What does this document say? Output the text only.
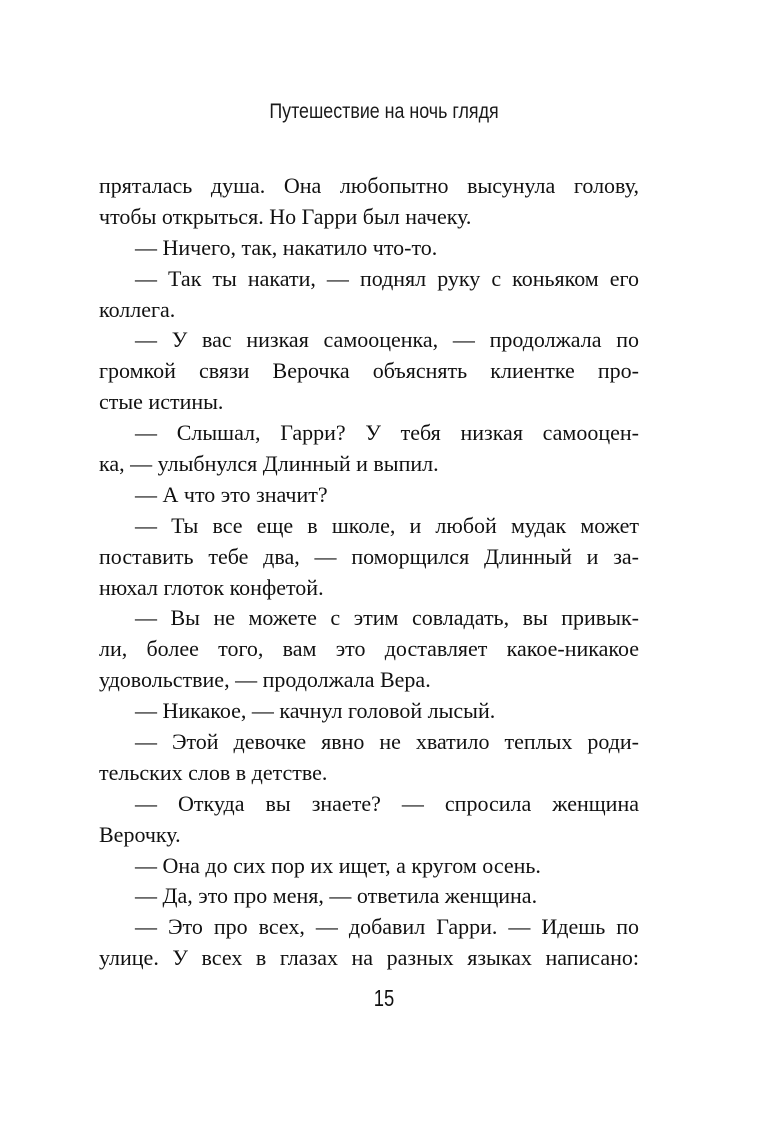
Путешествие на ночь глядя
пряталась душа. Она любопытно высунула голову,
чтобы открыться. Но Гарри был начеку.
— Ничего, так, накатило что-то.
— Так ты накати, — поднял руку с коньяком его
коллега.
— У вас низкая самооценка, — продолжала по
громкой связи Верочка объяснять клиентке про-
стые истины.
— Слышал, Гарри? У тебя низкая самооцен-
ка, — улыбнулся Длинный и выпил.
— А что это значит?
— Ты все еще в школе, и любой мудак может
поставить тебе два, — поморщился Длинный и за-
нюхал глоток конфетой.
— Вы не можете с этим совладать, вы привык-
ли, более того, вам это доставляет какое-никакое
удовольствие, — продолжала Вера.
— Никакое, — качнул головой лысый.
— Этой девочке явно не хватило теплых роди-
тельских слов в детстве.
— Откуда вы знаете? — спросила женщина
Верочку.
— Она до сих пор их ищет, а кругом осень.
— Да, это про меня, — ответила женщина.
— Это про всех, — добавил Гарри. — Идешь по
улице. У всех в глазах на разных языках написано:
15
